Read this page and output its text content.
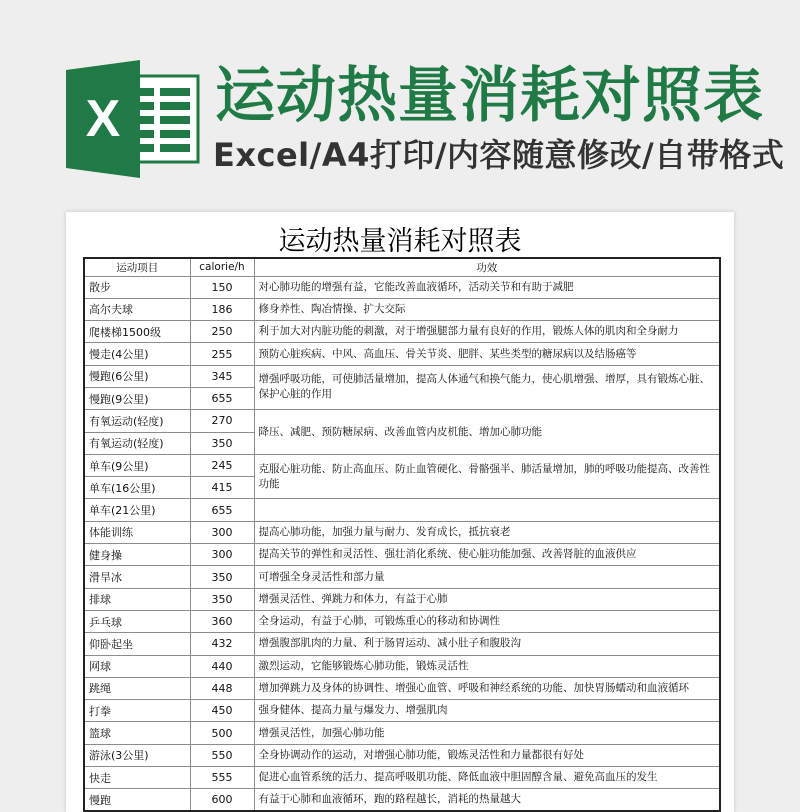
X 运动热量消耗对照表
Excel/A4打印/内容随意修改/自带格式
运动热量消耗对照表
运动项目	calorie/h	功效
散步	150	对心肺功能的增强有益，它能改善血液循环，活动关节和有助于减肥
高尔夫球	186	修身养性、陶冶情操、扩大交际
爬楼梯1500级	250	利于加大对内脏功能的刺激，对于增强腿部力量有良好的作用，锻炼人体的肌肉和全身耐力
慢走(4公里)	255	预防心脏疾病、中风、高血压、骨关节炎、肥胖、某些类型的糖尿病以及结肠癌等
慢跑(6公里)	345	增强呼吸功能，可使肺活量增加，提高人体通气和换气能力，使心肌增强、增厚，具有锻炼心脏、保护心脏的作用
慢跑(9公里)	655	
有氧运动(轻度)	270	降压、减肥、预防糖尿病、改善血管内皮机能、增加心肺功能
有氧运动(轻度)	350	
单车(9公里)	245	克服心脏功能、防止高血压、防止血管硬化、骨骼强半、肺活量增加，肺的呼吸功能提高、改善性功能
单车(16公里)	415	
单车(21公里)	655	
体能训练	300	提高心肺功能，加强力量与耐力、发育成长，抵抗衰老
健身操	300	提高关节的弹性和灵活性、强壮消化系统、使心脏功能加强、改善肾脏的血液供应
滑旱冰	350	可增强全身灵活性和部力量
排球	350	增强灵活性、弹跳力和体力，有益于心肺
乒乓球	360	全身运动，有益于心肺，可锻炼重心的移动和协调性
仰卧起坐	432	增强腹部肌肉的力量、利于肠胃运动、减小肚子和腹股沟
网球	440	激烈运动，它能够锻炼心肺功能，锻炼灵活性
跳绳	448	增加弹跳力及身体的协调性、增强心血管、呼吸和神经系统的功能、加快胃肠蠕动和血液循环
打拳	450	强身健体、提高力量与爆发力、增强肌肉
篮球	500	增强灵活性，加强心肺功能
游泳(3公里)	550	全身协调动作的运动，对增强心肺功能，锻炼灵活性和力量都很有好处
快走	555	促进心血管系统的活力、提高呼吸肌功能、降低血液中胆固醇含量、避免高血压的发生
慢跑	600	有益于心肺和血液循环，跑的路程越长，消耗的热量越大
